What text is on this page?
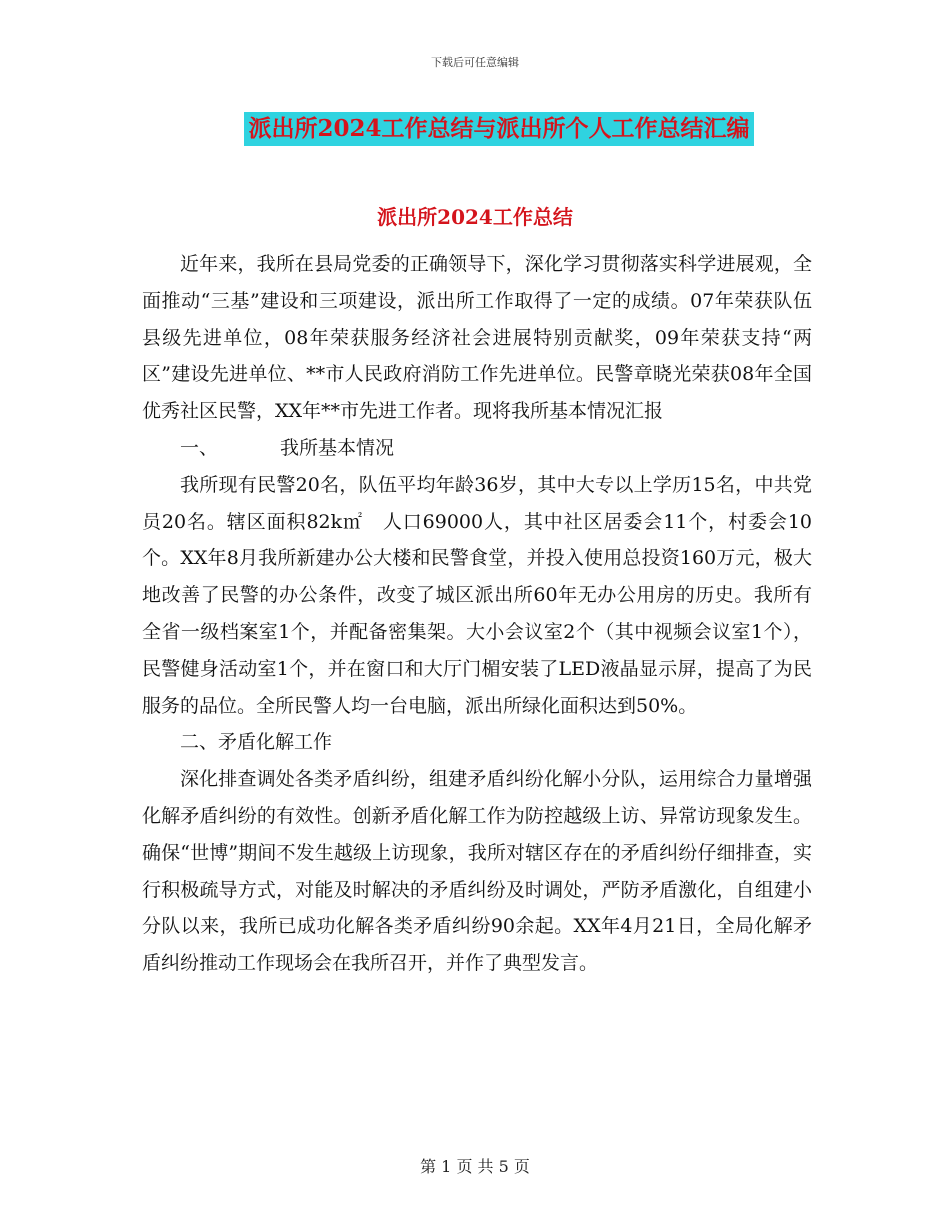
下载后可任意编辑
派出所2024工作总结与派出所个人工作总结汇编
派出所2024工作总结

近年来，我所在县局党委的正确领导下，深化学习贯彻落实科学进展观，全面推动“三基”建设和三项建设，派出所工作取得了一定的成绩。07年荣获队伍县级先进单位，08年荣获服务经济社会进展特别贡献奖，09年荣获支持“两区”建设先进单位、**市人民政府消防工作先进单位。民警章晓光荣获08年全国优秀社区民警，XX年**市先进工作者。现将我所基本情况汇报

一、	我所基本情况

我所现有民警20名，队伍平均年龄36岁，其中大专以上学历15名，中共党员20名。辖区面积82k㎡　人口69000人，其中社区居委会11个，村委会10个。XX年8月我所新建办公大楼和民警食堂，并投入使用总投资160万元，极大地改善了民警的办公条件，改变了城区派出所60年无办公用房的历史。我所有全省一级档案室1个，并配备密集架。大小会议室2个（其中视频会议室1个），民警健身活动室1个，并在窗口和大厅门楣安装了LED液晶显示屏，提高了为民服务的品位。全所民警人均一台电脑，派出所绿化面积达到50%。

二、矛盾化解工作

深化排查调处各类矛盾纠纷，组建矛盾纠纷化解小分队，运用综合力量增强化解矛盾纠纷的有效性。创新矛盾化解工作为防控越级上访、异常访现象发生。确保“世博”期间不发生越级上访现象，我所对辖区存在的矛盾纠纷仔细排查，实行积极疏导方式，对能及时解决的矛盾纠纷及时调处，严防矛盾激化，自组建小分队以来，我所已成功化解各类矛盾纠纷90余起。XX年4月21日，全局化解矛盾纠纷推动工作现场会在我所召开，并作了典型发言。

第 1 页 共 5 页
